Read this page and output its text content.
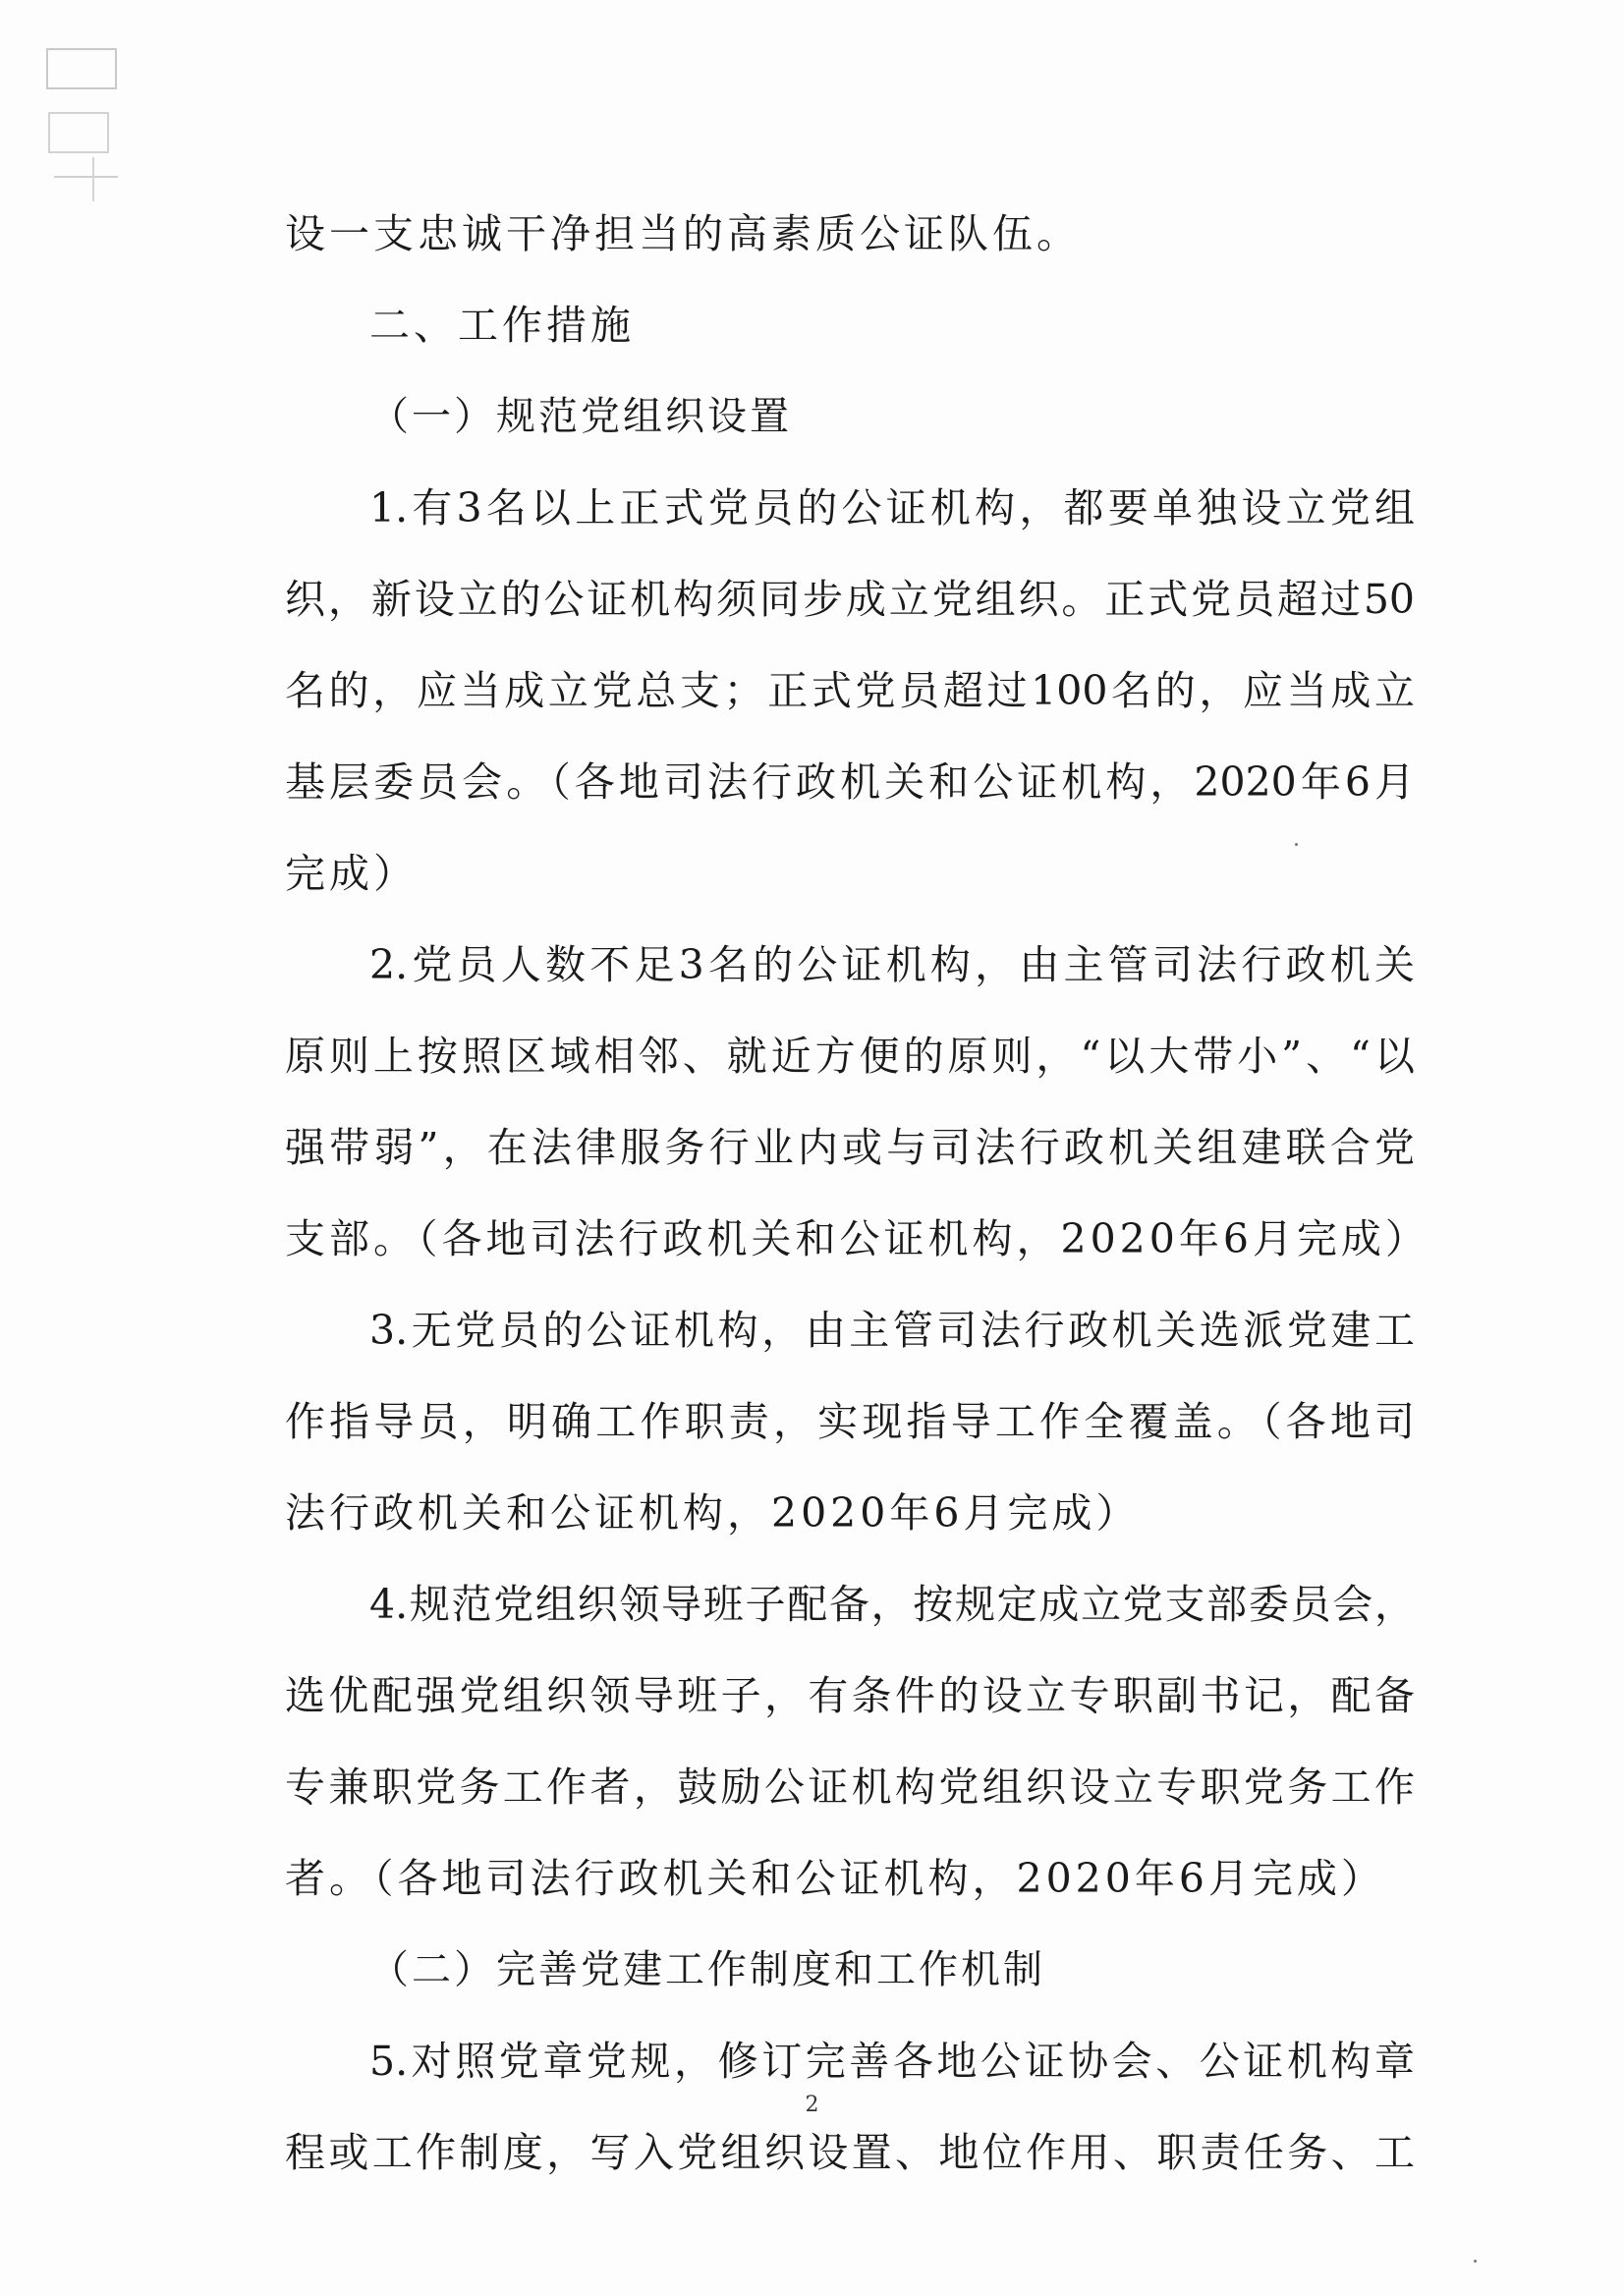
设一支忠诚干净担当的高素质公证队伍。
二、工作措施
（一）规范党组织设置
1.有3名以上正式党员的公证机构，都要单独设立党组
织，新设立的公证机构须同步成立党组织。正式党员超过50
名的，应当成立党总支；正式党员超过100名的，应当成立
基层委员会。（各地司法行政机关和公证机构，2020年6月
完成）
2.党员人数不足3名的公证机构，由主管司法行政机关
原则上按照区域相邻、就近方便的原则，“以大带小”、“以
强带弱”，在法律服务行业内或与司法行政机关组建联合党
支部。（各地司法行政机关和公证机构，2020年6月完成）
3.无党员的公证机构，由主管司法行政机关选派党建工
作指导员，明确工作职责，实现指导工作全覆盖。（各地司
法行政机关和公证机构，2020年6月完成）
4.规范党组织领导班子配备，按规定成立党支部委员会，
选优配强党组织领导班子，有条件的设立专职副书记，配备
专兼职党务工作者，鼓励公证机构党组织设立专职党务工作
者。（各地司法行政机关和公证机构，2020年6月完成）
（二）完善党建工作制度和工作机制
5.对照党章党规，修订完善各地公证协会、公证机构章
程或工作制度，写入党组织设置、地位作用、职责任务、工
2
